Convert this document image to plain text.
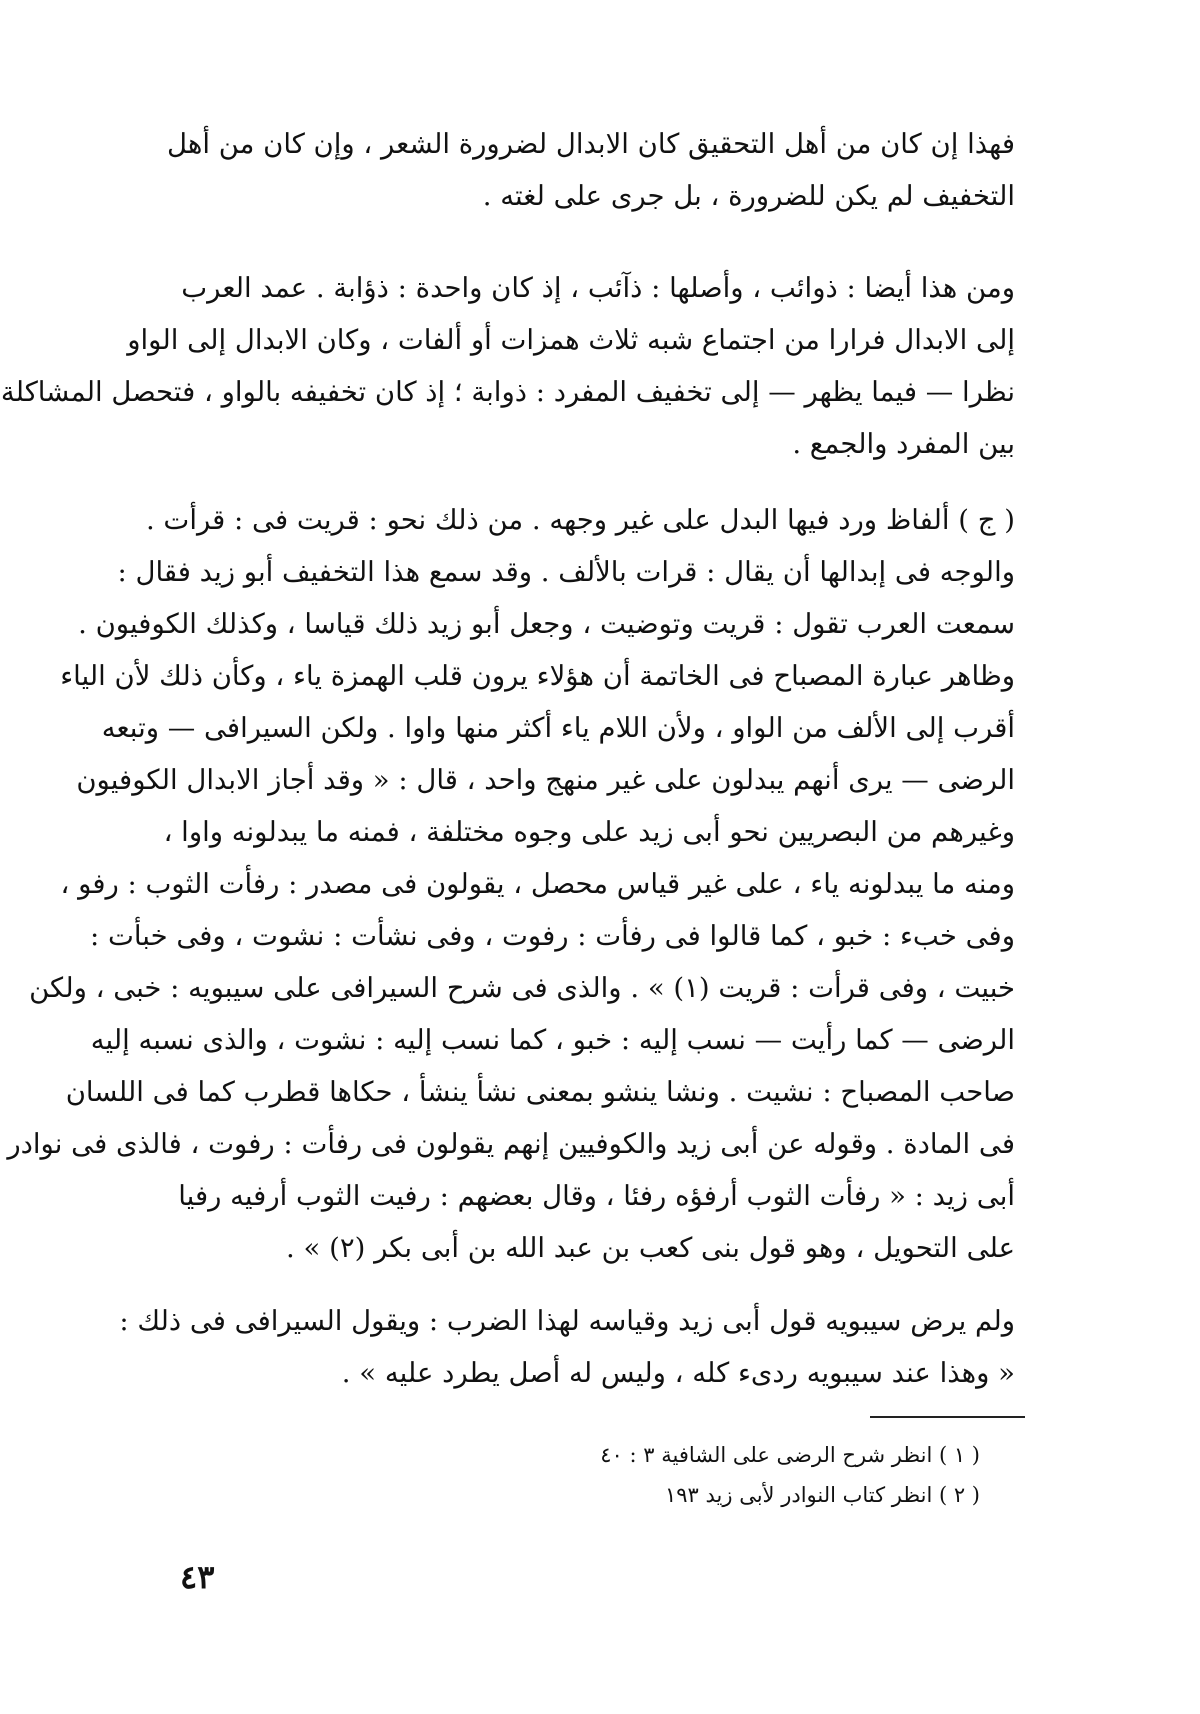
فهذا إن كان من أهل التحقيق كان الابدال لضرورة الشعر ، وإن كان من أهل
التخفيف لم يكن للضرورة ، بل جرى على لغته .
ومن هذا أيضا : ذوائب ، وأصلها : ذآئب ، إذ كان واحدة : ذؤابة . عمد العرب
إلى الابدال فرارا من اجتماع شبه ثلاث همزات أو ألفات ، وكان الابدال إلى الواو
نظرا — فيما يظهر — إلى تخفيف المفرد : ذوابة ؛ إذ كان تخفيفه بالواو ، فتحصل المشاكلة
بين المفرد والجمع .
( ج ) ألفاظ ورد فيها البدل على غير وجهه . من ذلك نحو : قريت فى : قرأت .
والوجه فى إبدالها أن يقال : قرات بالألف . وقد سمع هذا التخفيف أبو زيد فقال :
سمعت العرب تقول : قريت وتوضيت ، وجعل أبو زيد ذلك قياسا ، وكذلك الكوفيون .
وظاهر عبارة المصباح فى الخاتمة أن هؤلاء يرون قلب الهمزة ياء ، وكأن ذلك لأن الياء
أقرب إلى الألف من الواو ، ولأن اللام ياء أكثر منها واوا . ولكن السيرافى — وتبعه
الرضى — يرى أنهم يبدلون على غير منهج واحد ، قال : « وقد أجاز الابدال الكوفيون
وغيرهم من البصريين نحو أبى زيد على وجوه مختلفة ، فمنه ما يبدلونه واوا ،
ومنه ما يبدلونه ياء ، على غير قياس محصل ، يقولون فى مصدر : رفأت الثوب : رفو ،
وفى خبء : خبو ، كما قالوا فى رفأت : رفوت ، وفى نشأت : نشوت ، وفى خبأت :
خبيت ، وفى قرأت : قريت (١) » . والذى فى شرح السيرافى على سيبويه : خبى ، ولكن
الرضى — كما رأيت — نسب إليه : خبو ، كما نسب إليه : نشوت ، والذى نسبه إليه
صاحب المصباح : نشيت . ونشا ينشو بمعنى نشأ ينشأ ، حكاها قطرب كما فى اللسان
فى المادة . وقوله عن أبى زيد والكوفيين إنهم يقولون فى رفأت : رفوت ، فالذى فى نوادر
أبى زيد : « رفأت الثوب أرفؤه رفئا ، وقال بعضهم : رفيت الثوب أرفيه رفيا
على التحويل ، وهو قول بنى كعب بن عبد الله بن أبى بكر (٢) » .
ولم يرض سيبويه قول أبى زيد وقياسه لهذا الضرب : ويقول السيرافى فى ذلك :
« وهذا عند سيبويه ردىء كله ، وليس له أصل يطرد عليه » .
( ١ ) انظر شرح الرضى على الشافية ٣ : ٤٠
( ٢ ) انظر كتاب النوادر لأبى زيد ١٩٣
٤٣
